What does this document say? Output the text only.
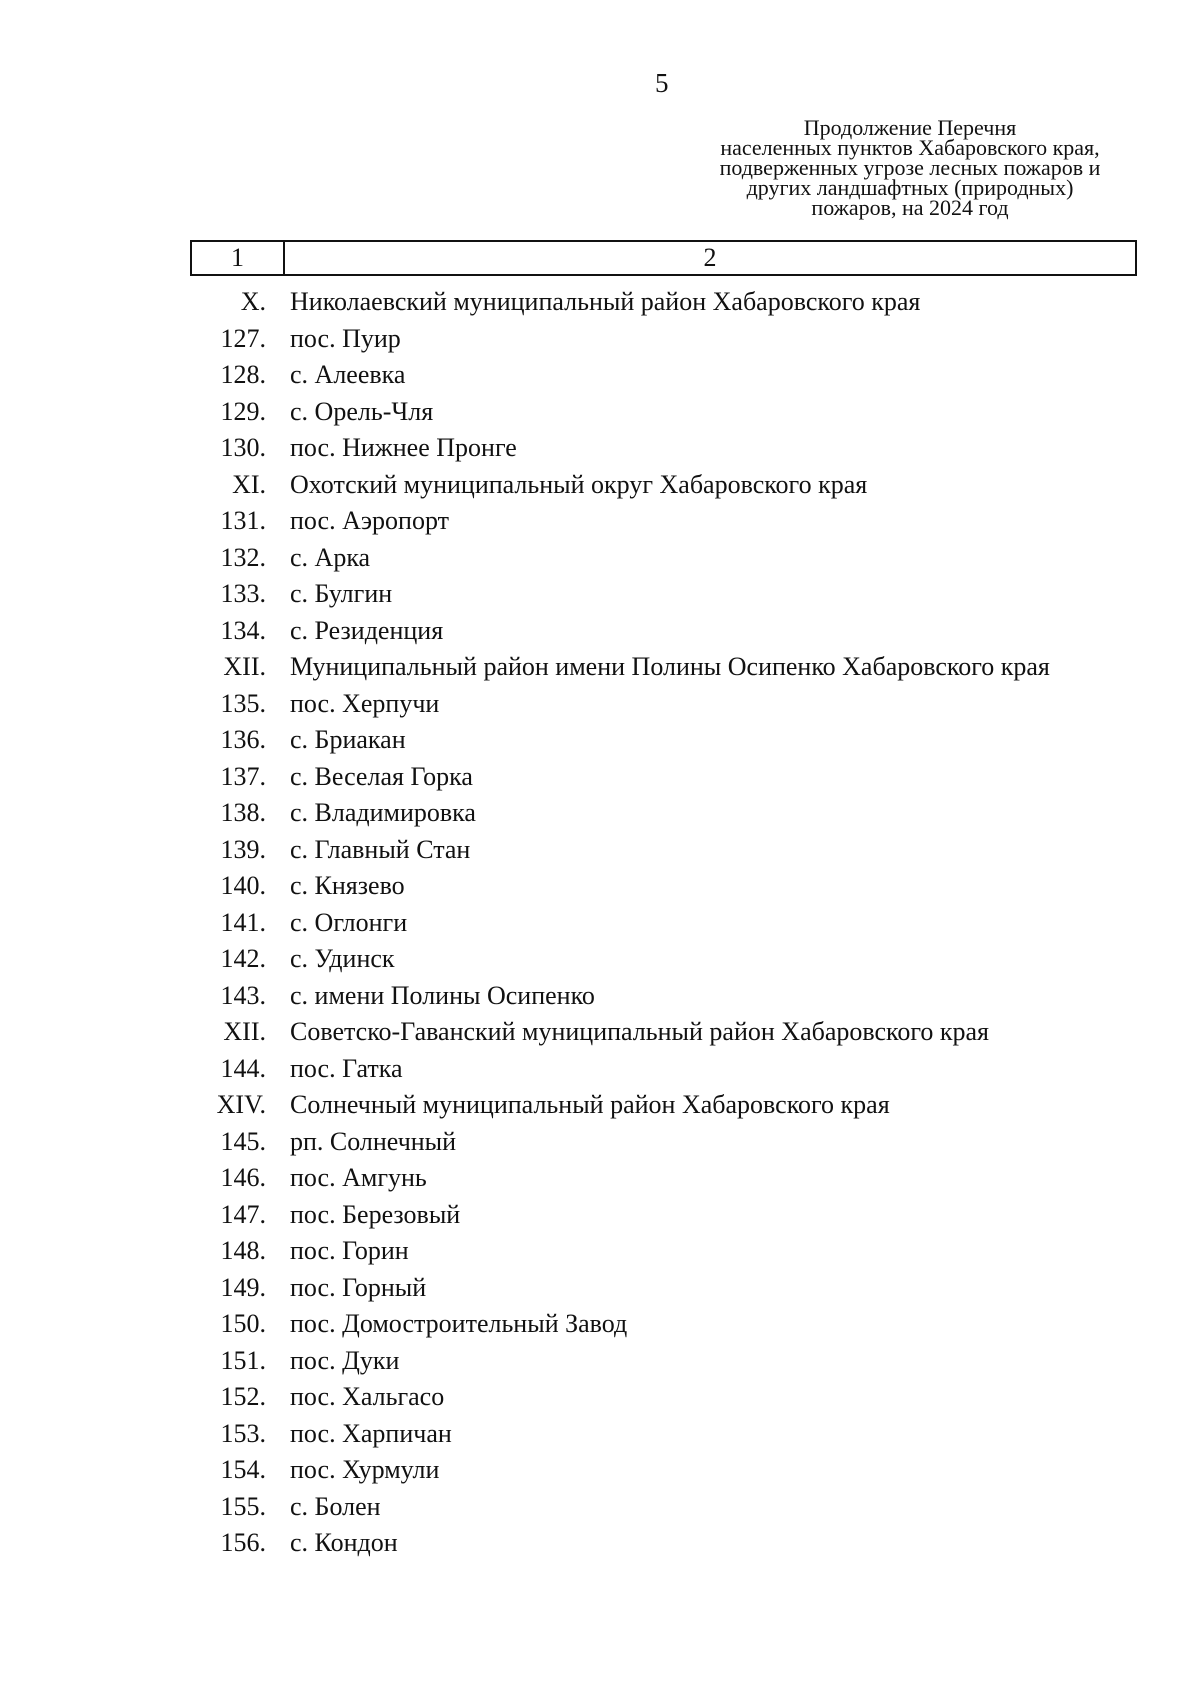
5
Продолжение Перечня
населенных пунктов Хабаровского края,
подверженных угрозе лесных пожаров и
других ландшафтных (природных)
пожаров, на 2024 год
1	2
X. Николаевский муниципальный район Хабаровского края
127. пос. Пуир
128. с. Алеевка
129. с. Орель-Чля
130. пос. Нижнее Пронге
XI. Охотский муниципальный округ Хабаровского края
131. пос. Аэропорт
132. с. Арка
133. с. Булгин
134. с. Резиденция
XII. Муниципальный район имени Полины Осипенко Хабаровского края
135. пос. Херпучи
136. с. Бриакан
137. с. Веселая Горка
138. с. Владимировка
139. с. Главный Стан
140. с. Князево
141. с. Оглонги
142. с. Удинск
143. с. имени Полины Осипенко
XII. Советско-Гаванский муниципальный район Хабаровского края
144. пос. Гатка
XIV. Солнечный муниципальный район Хабаровского края
145. рп. Солнечный
146. пос. Амгунь
147. пос. Березовый
148. пос. Горин
149. пос. Горный
150. пос. Домостроительный Завод
151. пос. Дуки
152. пос. Хальгасо
153. пос. Харпичан
154. пос. Хурмули
155. с. Болен
156. с. Кондон
